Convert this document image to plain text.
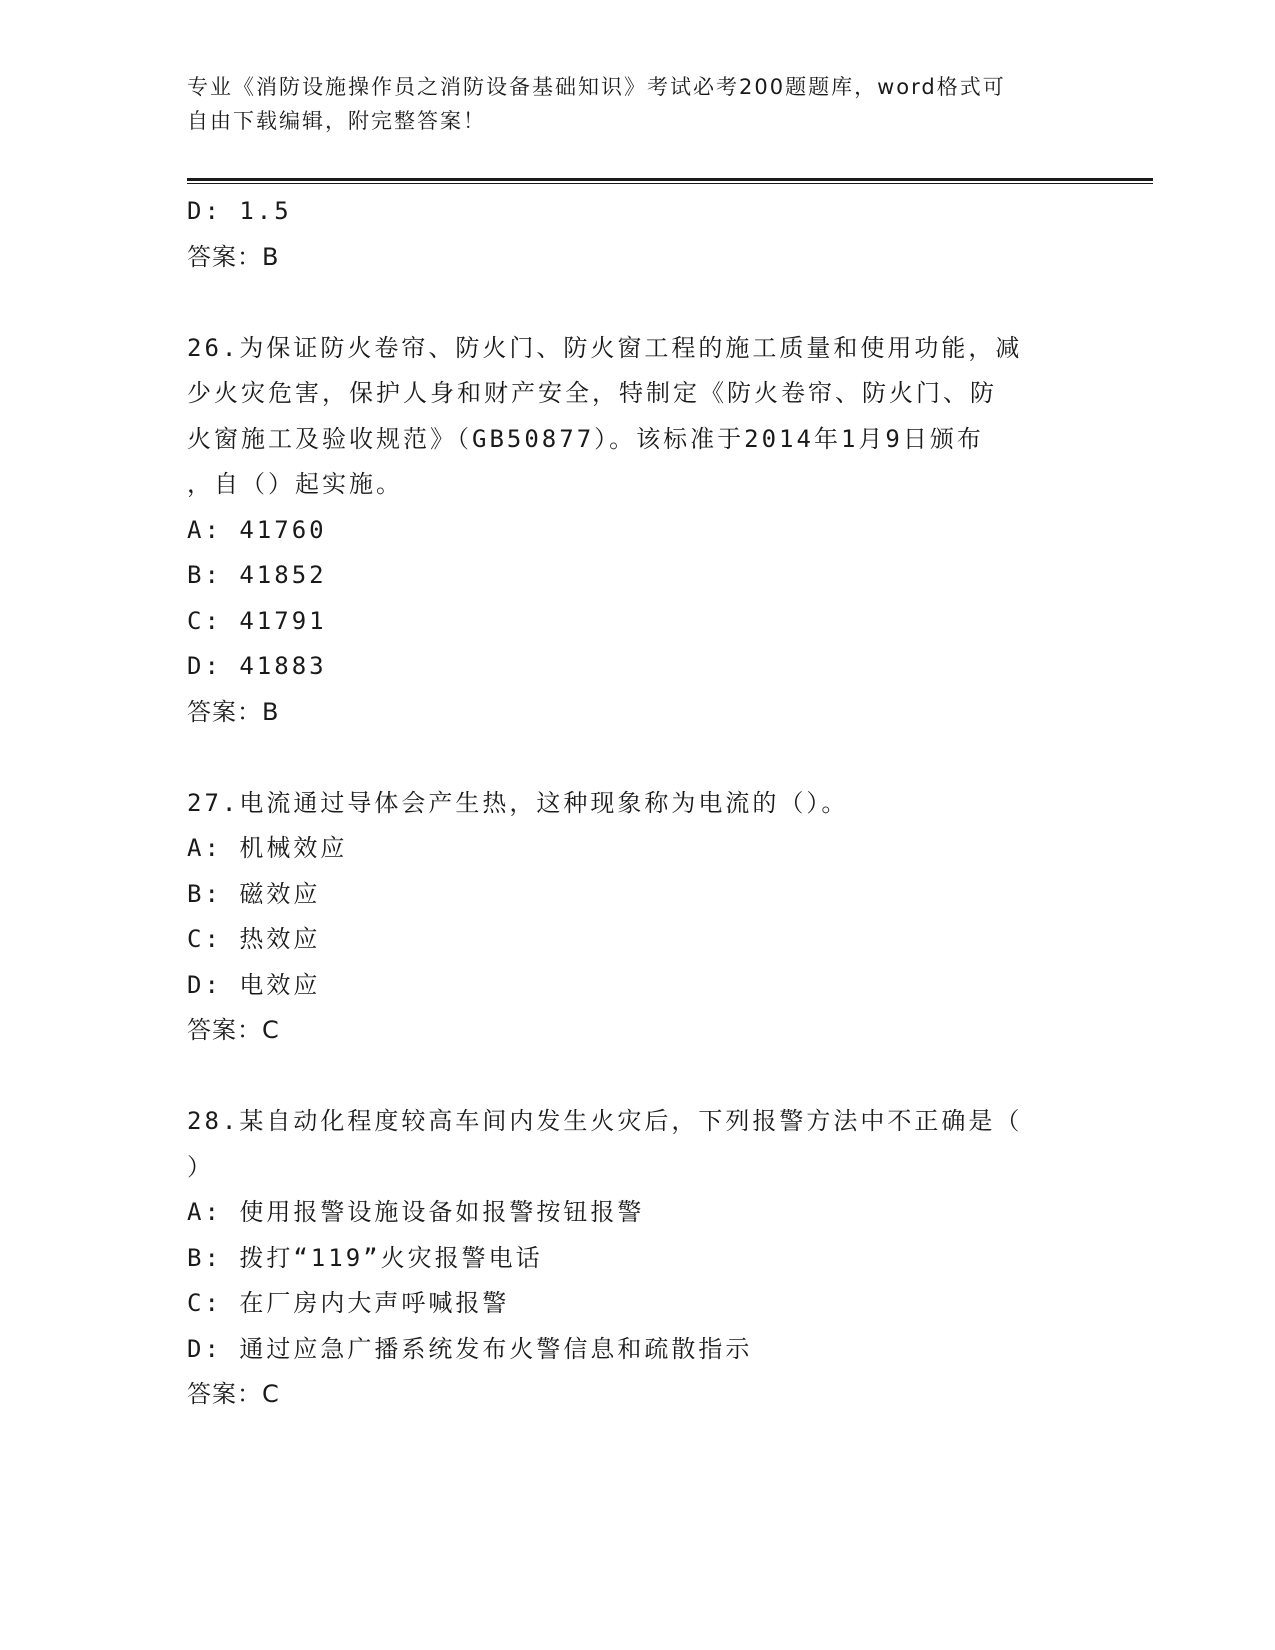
专业《消防设施操作员之消防设备基础知识》考试必考200题题库，word格式可
自由下载编辑，附完整答案！
D: 1.5
答案：B
26.为保证防火卷帘、防火门、防火窗工程的施工质量和使用功能，减
少火灾危害，保护人身和财产安全，特制定《防火卷帘、防火门、防
火窗施工及验收规范》（GB50877）。该标准于2014年1月9日颁布
，自（）起实施。
A: 41760
B: 41852
C: 41791
D: 41883
答案：B
27.电流通过导体会产生热，这种现象称为电流的（）。
A: 机械效应
B: 磁效应
C: 热效应
D: 电效应
答案：C
28.某自动化程度较高车间内发生火灾后，下列报警方法中不正确是（
）
A: 使用报警设施设备如报警按钮报警
B: 拨打“119”火灾报警电话
C: 在厂房内大声呼喊报警
D: 通过应急广播系统发布火警信息和疏散指示
答案：C
